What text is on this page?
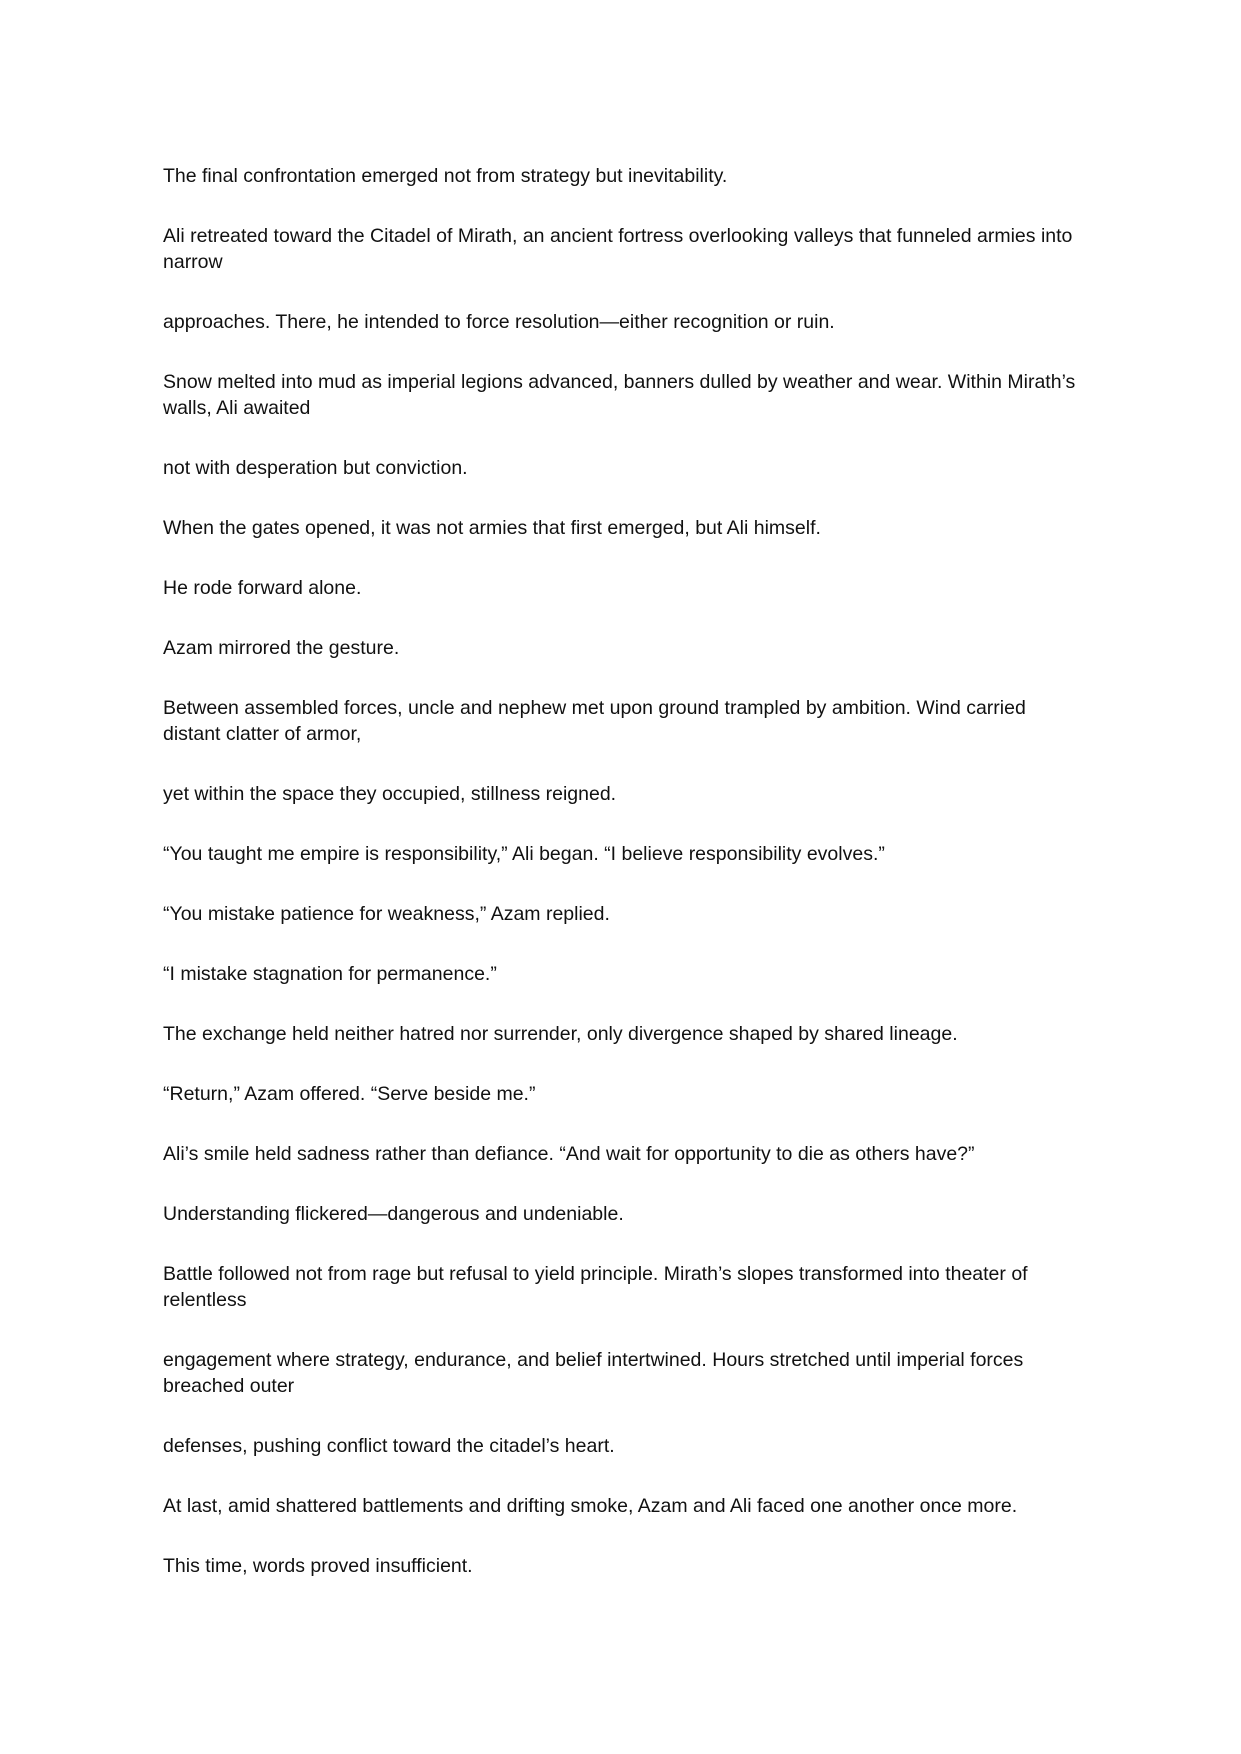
The final confrontation emerged not from strategy but inevitability.

Ali retreated toward the Citadel of Mirath, an ancient fortress overlooking valleys that funneled armies into narrow

approaches. There, he intended to force resolution—either recognition or ruin.

Snow melted into mud as imperial legions advanced, banners dulled by weather and wear. Within Mirath’s walls, Ali awaited

not with desperation but conviction.

When the gates opened, it was not armies that first emerged, but Ali himself.

He rode forward alone.

Azam mirrored the gesture.

Between assembled forces, uncle and nephew met upon ground trampled by ambition. Wind carried distant clatter of armor,

yet within the space they occupied, stillness reigned.

“You taught me empire is responsibility,” Ali began. “I believe responsibility evolves.”

“You mistake patience for weakness,” Azam replied.

“I mistake stagnation for permanence.”

The exchange held neither hatred nor surrender, only divergence shaped by shared lineage.

“Return,” Azam offered. “Serve beside me.”

Ali’s smile held sadness rather than defiance. “And wait for opportunity to die as others have?”

Understanding flickered—dangerous and undeniable.

Battle followed not from rage but refusal to yield principle. Mirath’s slopes transformed into theater of relentless

engagement where strategy, endurance, and belief intertwined. Hours stretched until imperial forces breached outer

defenses, pushing conflict toward the citadel’s heart.

At last, amid shattered battlements and drifting smoke, Azam and Ali faced one another once more.

This time, words proved insufficient.
